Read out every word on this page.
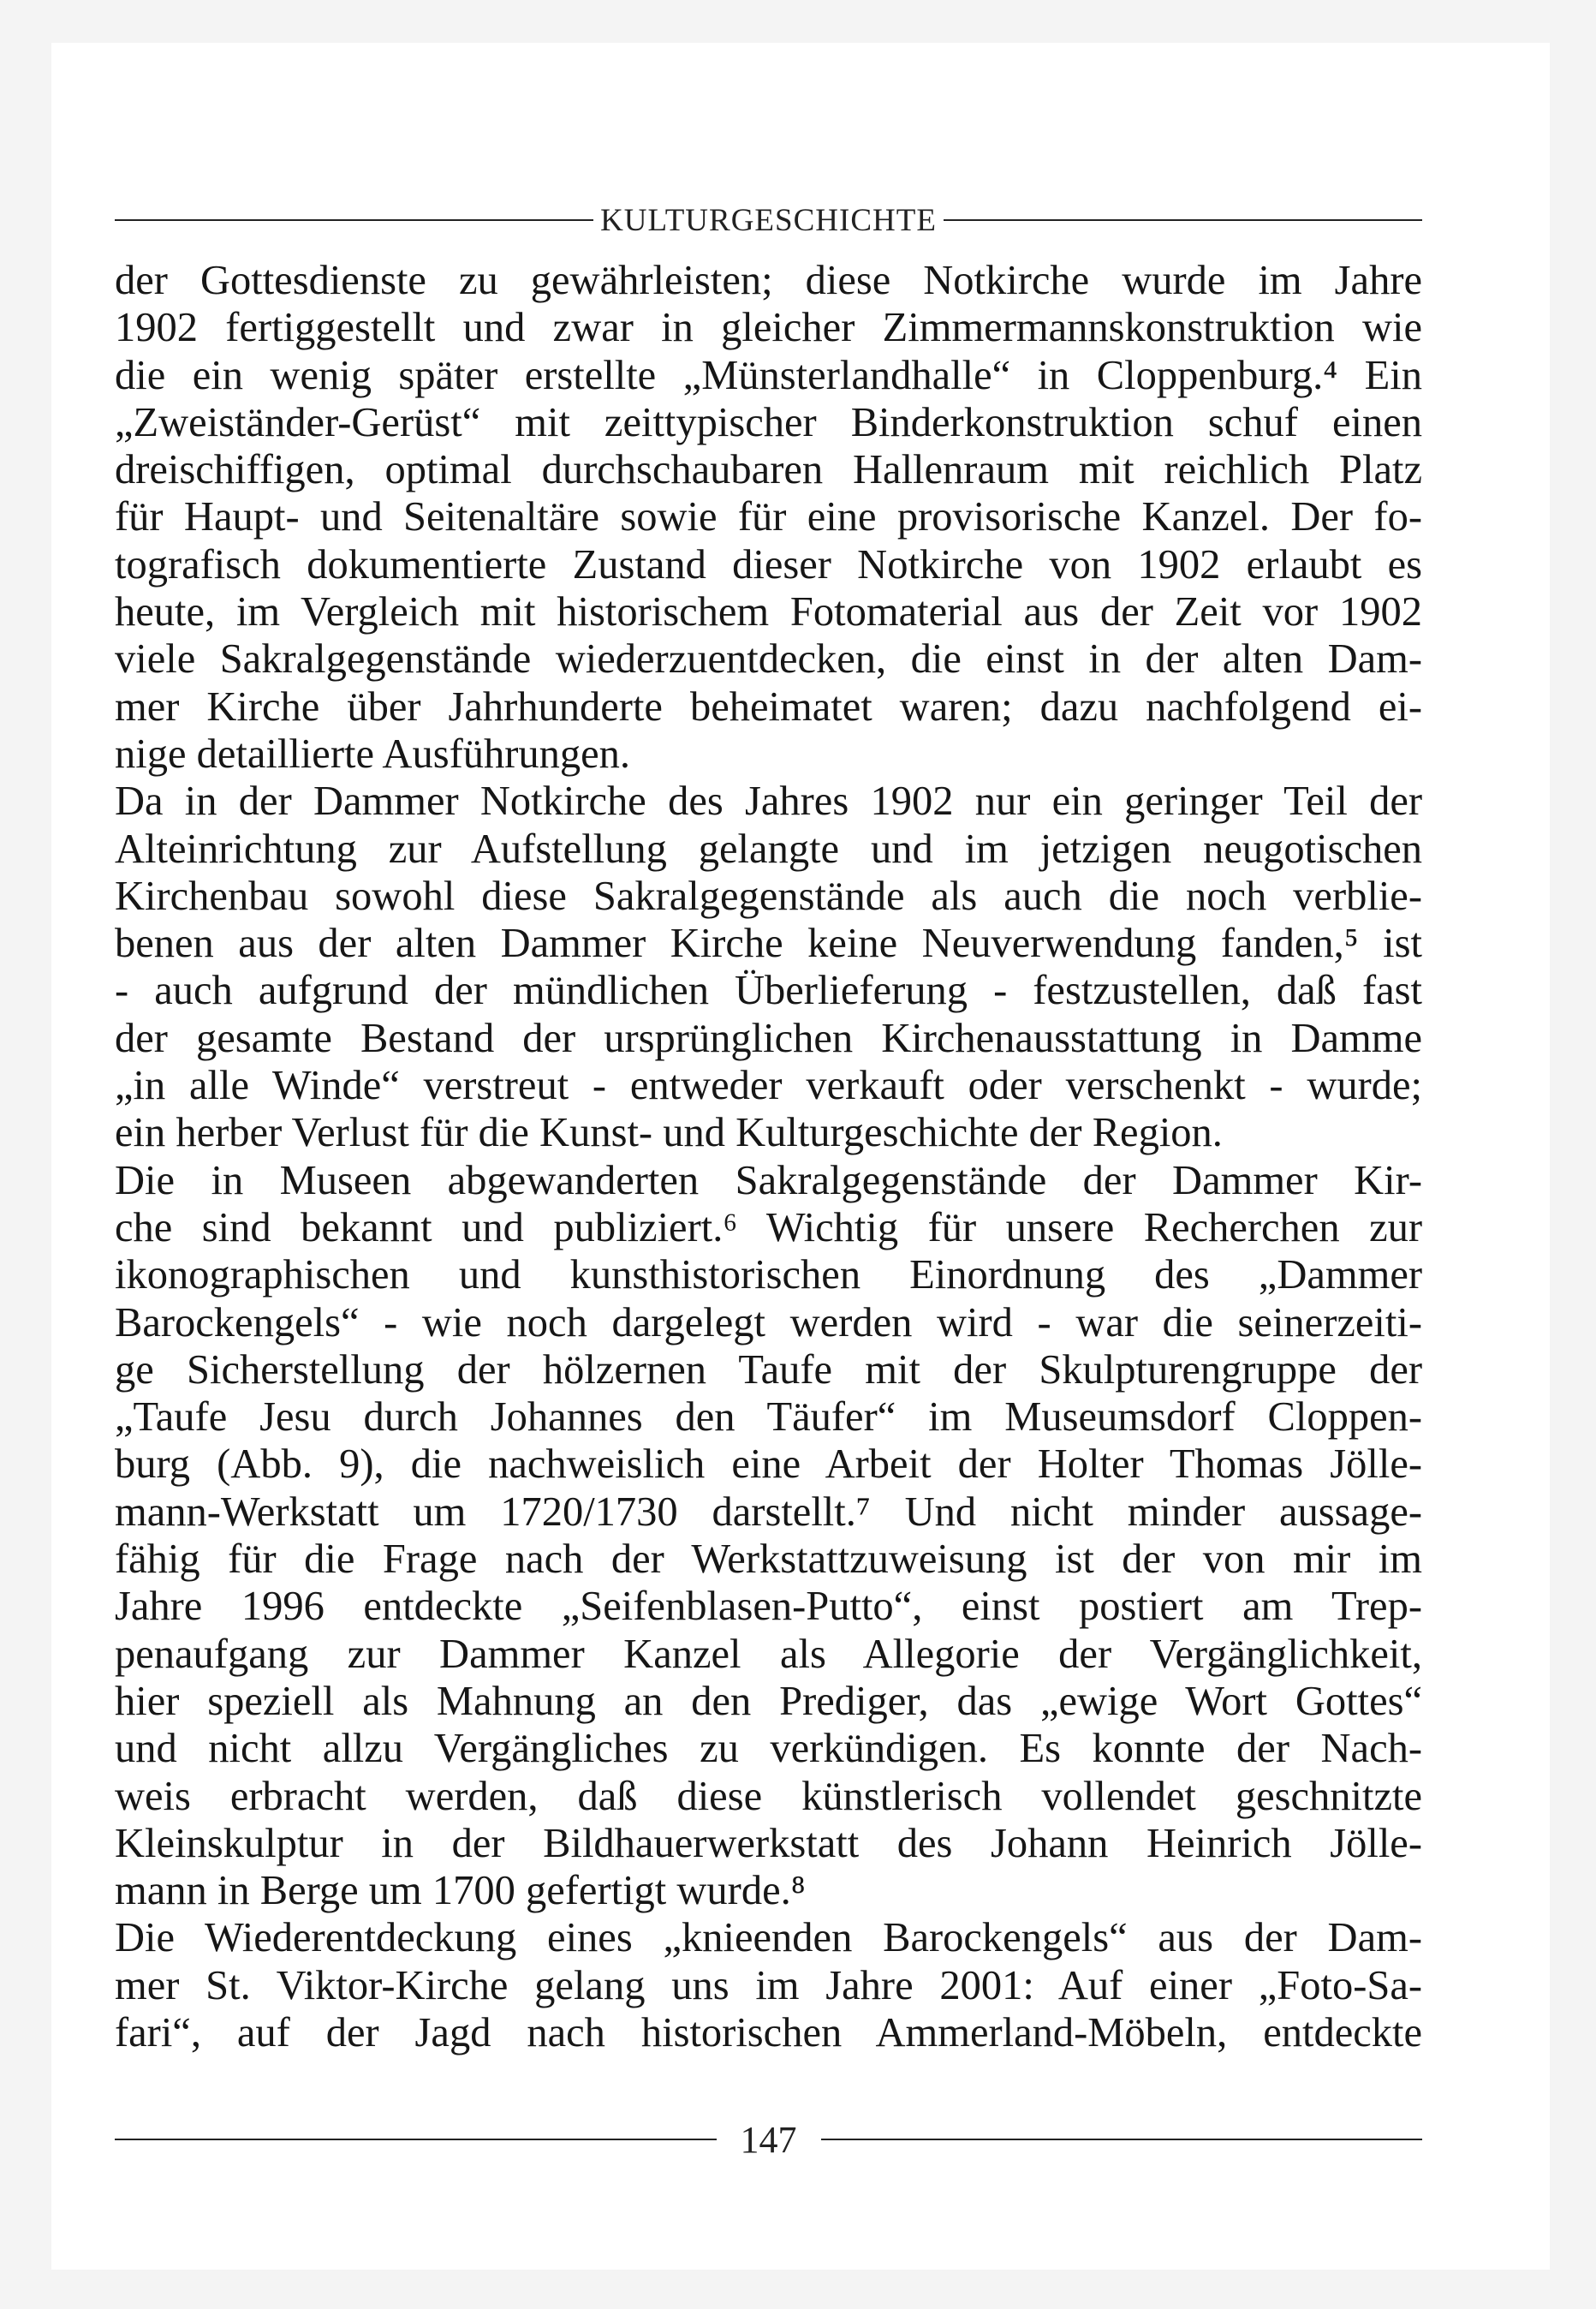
KULTURGESCHICHTE
der Gottesdienste zu gewährleisten; diese Notkirche wurde im Jahre
1902 fertiggestellt und zwar in gleicher Zimmermannskonstruktion wie
die ein wenig später erstellte „Münsterlandhalle“ in Cloppenburg.⁴ Ein
„Zweiständer-Gerüst“ mit zeittypischer Binderkonstruktion schuf einen
dreischiffigen, optimal durchschaubaren Hallenraum mit reichlich Platz
für Haupt- und Seitenaltäre sowie für eine provisorische Kanzel. Der fo-
tografisch dokumentierte Zustand dieser Notkirche von 1902 erlaubt es
heute, im Vergleich mit historischem Fotomaterial aus der Zeit vor 1902
viele Sakralgegenstände wiederzuentdecken, die einst in der alten Dam-
mer Kirche über Jahrhunderte beheimatet waren; dazu nachfolgend ei-
nige detaillierte Ausführungen.
Da in der Dammer Notkirche des Jahres 1902 nur ein geringer Teil der
Alteinrichtung zur Aufstellung gelangte und im jetzigen neugotischen
Kirchenbau sowohl diese Sakralgegenstände als auch die noch verblie-
benen aus der alten Dammer Kirche keine Neuverwendung fanden,⁵ ist
- auch aufgrund der mündlichen Überlieferung - festzustellen, daß fast
der gesamte Bestand der ursprünglichen Kirchenausstattung in Damme
„in alle Winde“ verstreut - entweder verkauft oder verschenkt - wurde;
ein herber Verlust für die Kunst- und Kulturgeschichte der Region.
Die in Museen abgewanderten Sakralgegenstände der Dammer Kir-
che sind bekannt und publiziert.⁶ Wichtig für unsere Recherchen zur
ikonographischen und kunsthistorischen Einordnung des „Dammer
Barockengels“ - wie noch dargelegt werden wird - war die seinerzeiti-
ge Sicherstellung der hölzernen Taufe mit der Skulpturengruppe der
„Taufe Jesu durch Johannes den Täufer“ im Museumsdorf Cloppen-
burg (Abb. 9), die nachweislich eine Arbeit der Holter Thomas Jölle-
mann-Werkstatt um 1720/1730 darstellt.⁷ Und nicht minder aussage-
fähig für die Frage nach der Werkstattzuweisung ist der von mir im
Jahre 1996 entdeckte „Seifenblasen-Putto“, einst postiert am Trep-
penaufgang zur Dammer Kanzel als Allegorie der Vergänglichkeit,
hier speziell als Mahnung an den Prediger, das „ewige Wort Gottes“
und nicht allzu Vergängliches zu verkündigen. Es konnte der Nach-
weis erbracht werden, daß diese künstlerisch vollendet geschnitzte
Kleinskulptur in der Bildhauerwerkstatt des Johann Heinrich Jölle-
mann in Berge um 1700 gefertigt wurde.⁸
Die Wiederentdeckung eines „knieenden Barockengels“ aus der Dam-
mer St. Viktor-Kirche gelang uns im Jahre 2001: Auf einer „Foto-Sa-
fari“, auf der Jagd nach historischen Ammerland-Möbeln, entdeckte
147
